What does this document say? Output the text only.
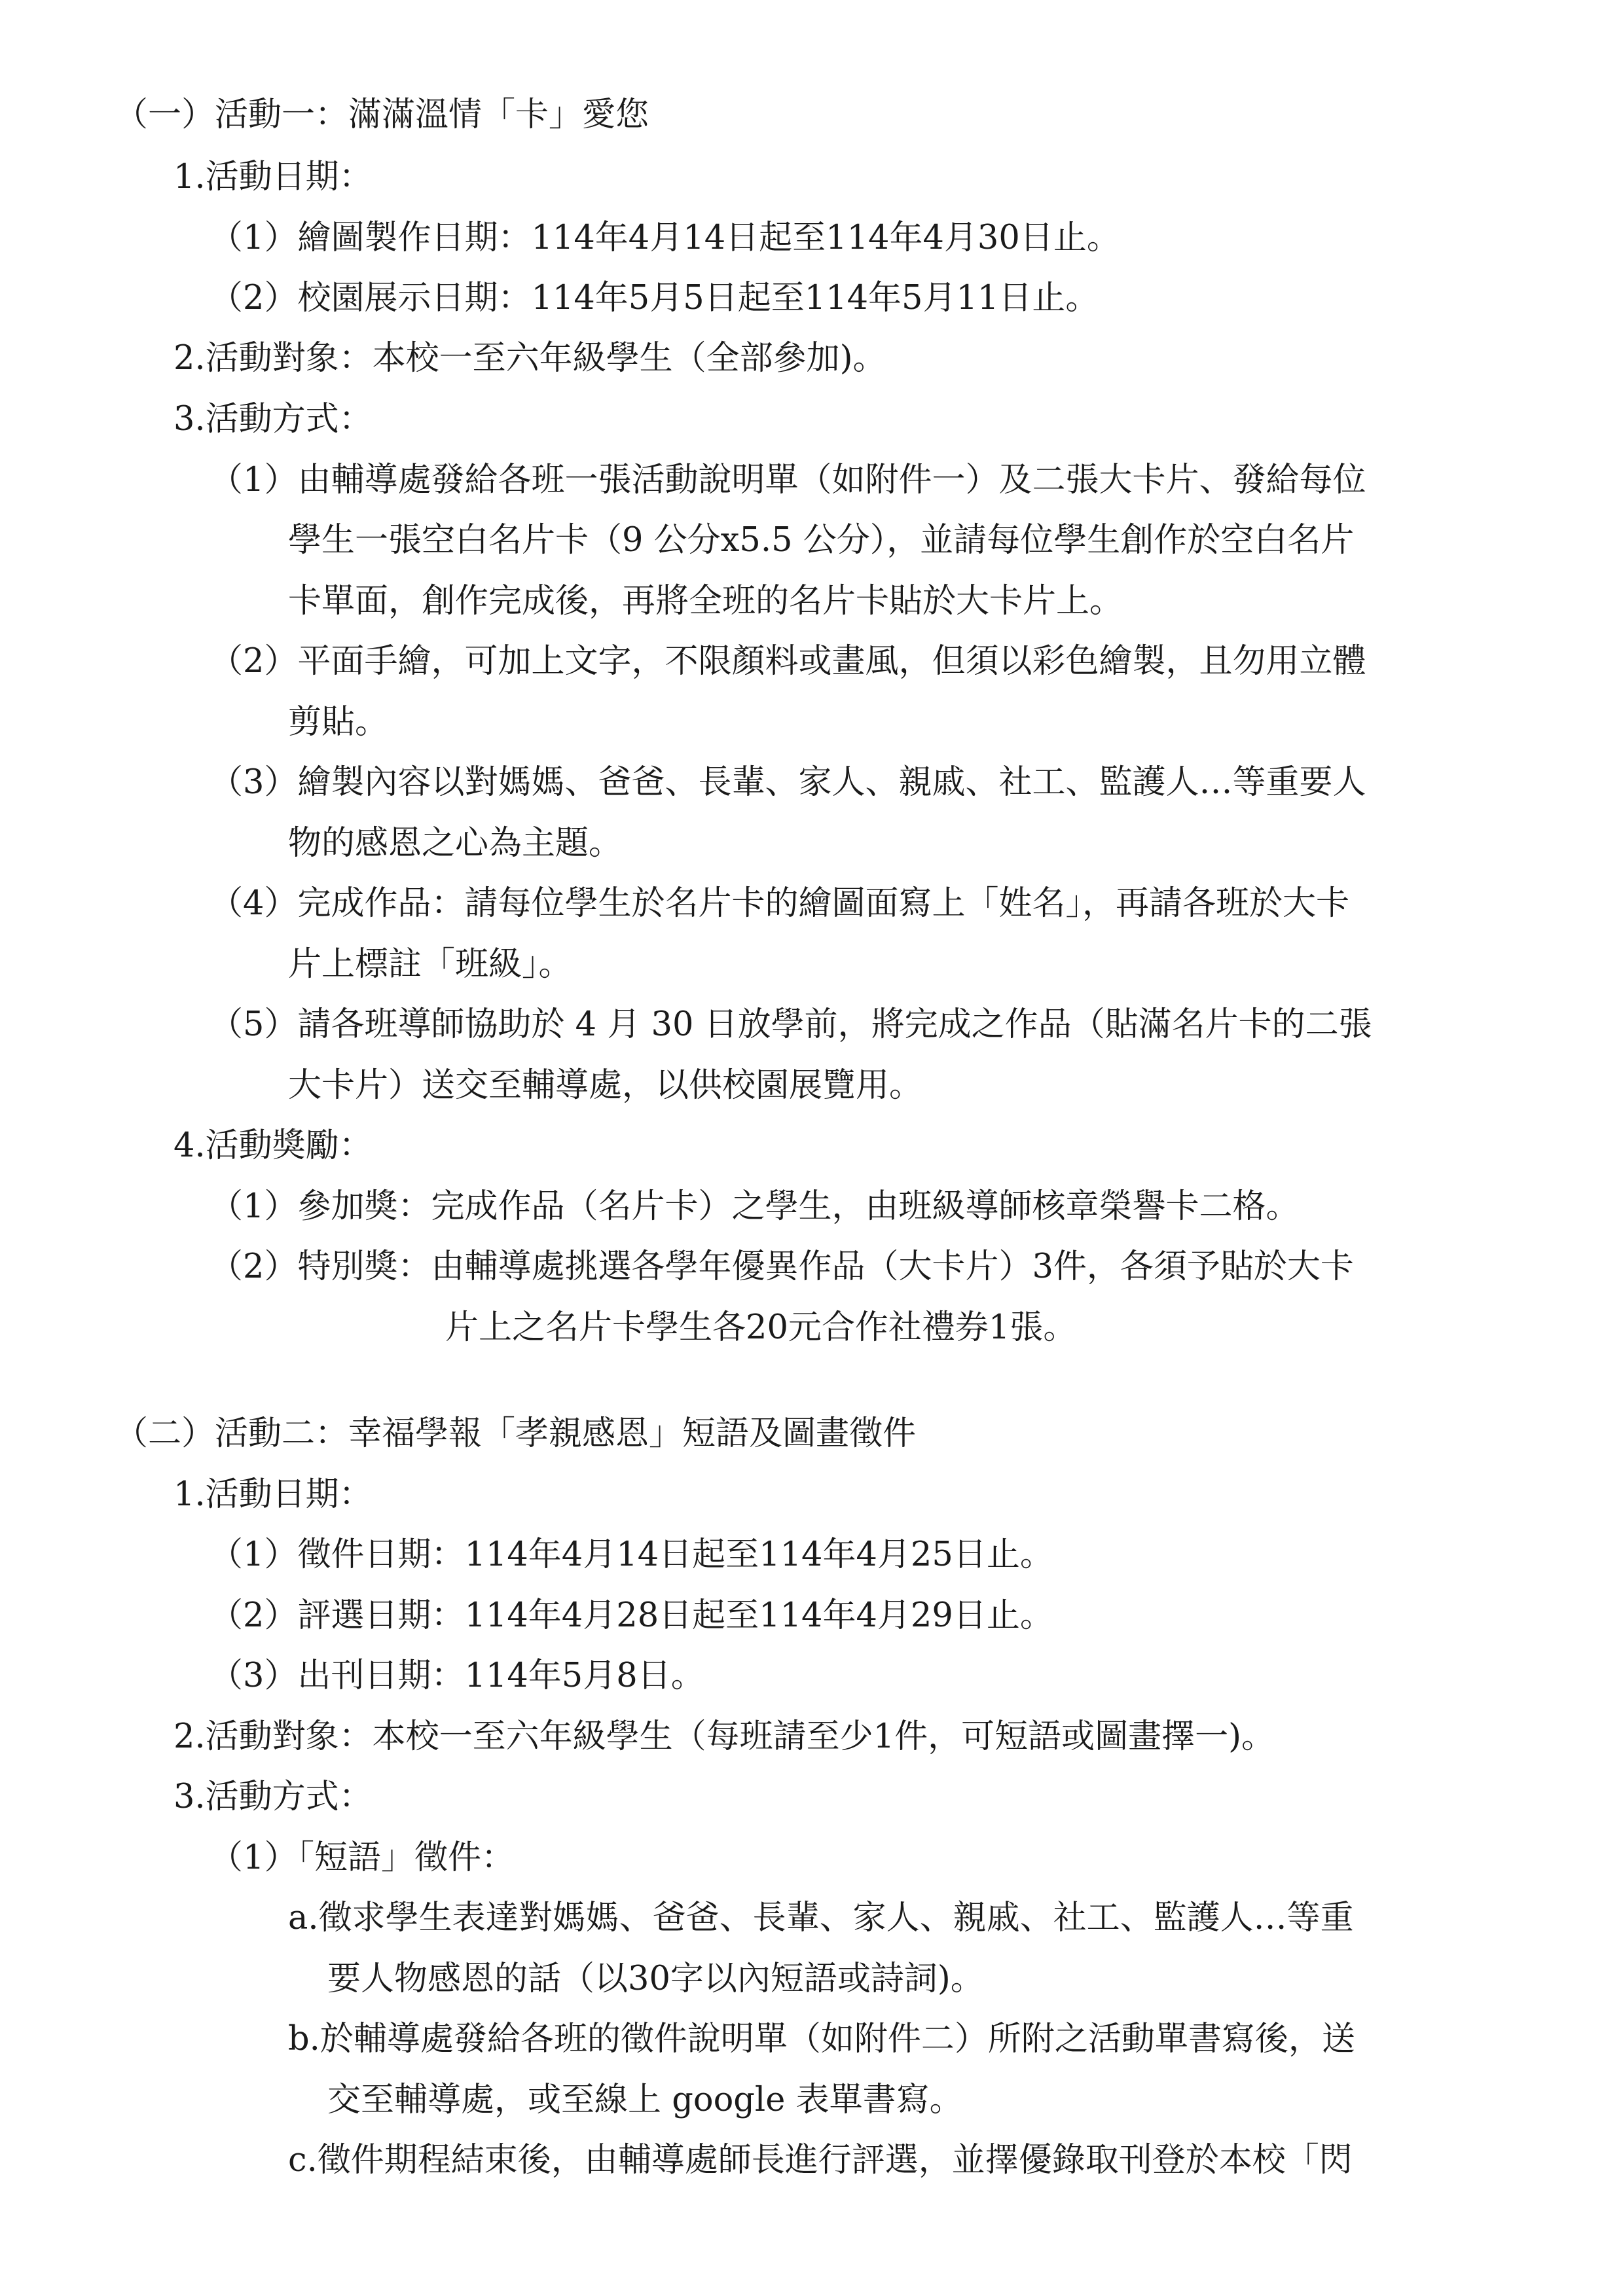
（一）活動一：滿滿溫情「卡」愛您
1.活動日期：
（1）繪圖製作日期：114年4月14日起至114年4月30日止。
（2）校園展示日期：114年5月5日起至114年5月11日止。
2.活動對象：本校一至六年級學生（全部參加)。
3.活動方式：
（1）由輔導處發給各班一張活動說明單（如附件一）及二張大卡片、發給每位
學生一張空白名片卡（9 公分x5.5 公分），並請每位學生創作於空白名片
卡單面，創作完成後，再將全班的名片卡貼於大卡片上。
（2）平面手繪，可加上文字，不限顏料或畫風，但須以彩色繪製，且勿用立體
剪貼。
（3）繪製內容以對媽媽、爸爸、長輩、家人、親戚、社工、監護人…等重要人
物的感恩之心為主題。
（4）完成作品：請每位學生於名片卡的繪圖面寫上「姓名」，再請各班於大卡
片上標註「班級」。
（5）請各班導師協助於 4 月 30 日放學前，將完成之作品（貼滿名片卡的二張
大卡片）送交至輔導處，以供校園展覽用。
4.活動獎勵：
（1）參加獎：完成作品（名片卡）之學生，由班級導師核章榮譽卡二格。
（2）特別獎：由輔導處挑選各學年優異作品（大卡片）3件，各須予貼於大卡
片上之名片卡學生各20元合作社禮券1張。
（二）活動二：幸福學報「孝親感恩」短語及圖畫徵件
1.活動日期：
（1）徵件日期：114年4月14日起至114年4月25日止。
（2）評選日期：114年4月28日起至114年4月29日止。
（3）出刊日期：114年5月8日。
2.活動對象：本校一至六年級學生（每班請至少1件，可短語或圖畫擇一)。
3.活動方式：
（1）「短語」徵件：
a.徵求學生表達對媽媽、爸爸、長輩、家人、親戚、社工、監護人…等重
要人物感恩的話（以30字以內短語或詩詞)。
b.於輔導處發給各班的徵件說明單（如附件二）所附之活動單書寫後，送
交至輔導處，或至線上 google 表單書寫。
c.徵件期程結束後，由輔導處師長進行評選，並擇優錄取刊登於本校「閃
